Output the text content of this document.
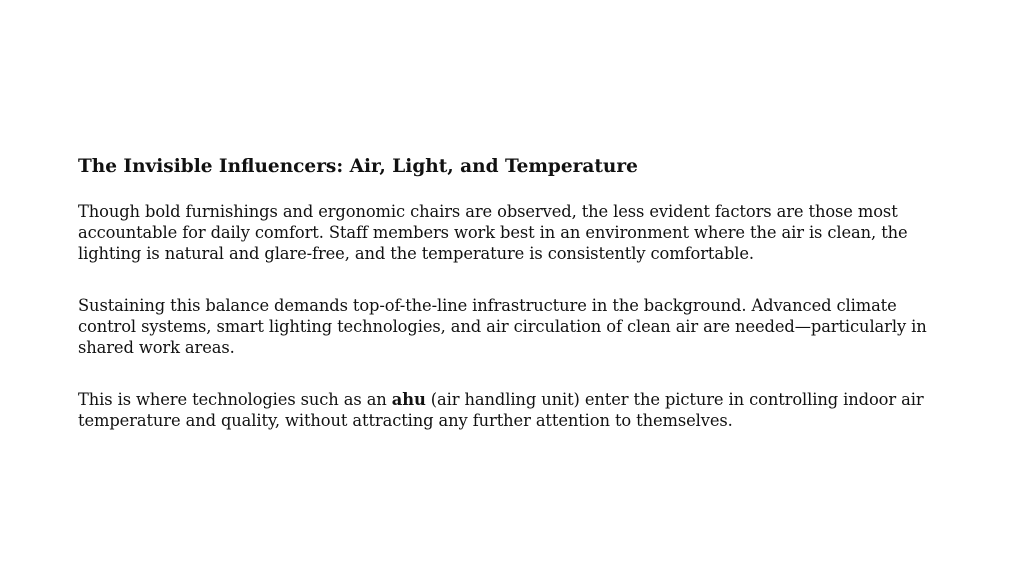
The Invisible Influencers: Air, Light, and Temperature

Though bold furnishings and ergonomic chairs are observed, the less evident factors are those most accountable for daily comfort. Staff members work best in an environment where the air is clean, the lighting is natural and glare-free, and the temperature is consistently comfortable.

Sustaining this balance demands top-of-the-line infrastructure in the background. Advanced climate control systems, smart lighting technologies, and air circulation of clean air are needed—particularly in shared work areas.

This is where technologies such as an ahu (air handling unit) enter the picture in controlling indoor air temperature and quality, without attracting any further attention to themselves.
